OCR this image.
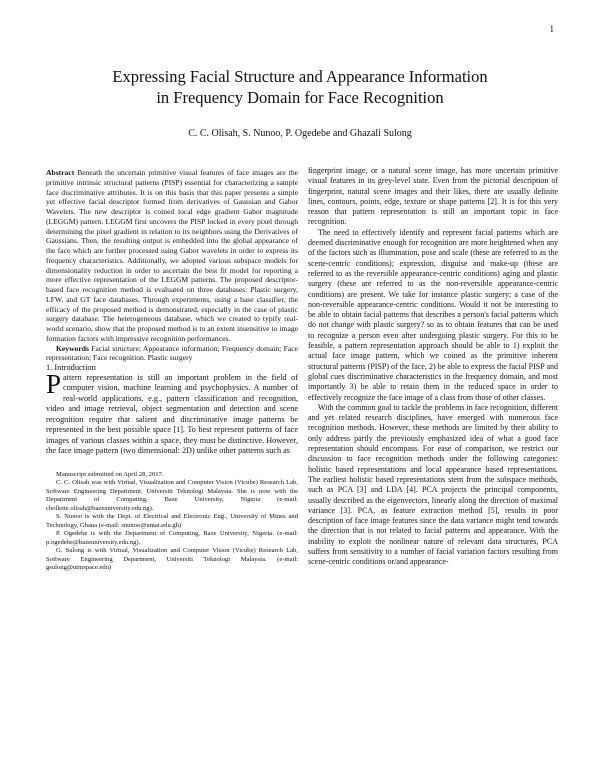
1
Expressing Facial Structure and Appearance Information
in Frequency Domain for Face Recognition
C. C. Olisah, S. Nunoo, P. Ogedebe and Ghazali Sulong

Abstract Beneath the uncertain primitive visual features of face images are the primitive intrinsic structural patterns (PISP) essential for characterizing a sample face discriminative attributes. It is on this basis that this paper presents a simple yet effective facial descriptor formed from derivatives of Gaussian and Gabor Wavelets. The new descriptor is coined local edge gradient Gabor magnitude (LEGGM) pattern. LEGGM first uncovers the PISP locked in every pixel through determining the pixel gradient in relation to its neighbors using the Derivatives of Gaussians. Then, the resulting output is embedded into the global appearance of the face which are further processed using Gabor wavelets in order to express its frequency characteristics. Additionally, we adopted various subspace models for dimensionality reduction in order to ascertain the best fit model for reporting a more effective representation of the LEGGM patterns. The proposed descriptor-based face recognition method is evaluated on three databases: Plastic surgery, LFW, and GT face databases. Through experiments, using a base classifier, the efficacy of the proposed method is demonstrated, especially in the case of plastic surgery database. The heterogeneous database, which we created to typify real-world scenario, show that the proposed method is to an extent insensitive to image formation factors with impressive recognition performances.

Keywords Facial structure; Appearance information; Frequency domain; Face representation; Face recognition. Plastic surgery

1. Introduction

Pattern representation is still an important problem in the field of computer vision, machine learning and psychophysics. A number of real-world applications, e.g., pattern classification and recognition, video and image retrieval, object segmentation and detection and scene recognition require that salient and discriminative image patterns be represented in the best possible space [1]. To best represent patterns of face images of various classes within a space, they must be distinctive. However, the face image pattern (two dimensional: 2D) unlike other patterns such as

Manuscript submitted on April 28, 2017.

C. C. Olisah was with Virtual, Visualization and Computer Vision (Vicube) Research Lab, Software Engineering Department, Universiti Teknologi Malaysia. She is now with the Department of Computing, Baze University, Nigeria (e-mail: chollette.olisah@bazeuniversity.edu.ng).

S. Nunoo is with the Dept. of Electrical and Electronic Eng., University of Mines and Technology, Ghana (e-mail: snunoo@umat.edu.gh)

P. Ogedebe is with the Department of Computing, Baze University, Nigeria. (e-mail: p.ogedebe@bazeuniversity.edu.ng).

G. Sulong is with Virtual, Visualization and Computer Vision (Vicube) Research Lab, Software Engineering Department, Universiti Teknologi Malaysia. (e-mail: gsulong@utmspace.edu)

fingerprint image, or a natural scene image, has more uncertain primitive visual features in its grey-level state. Even from the pictorial description of fingerprint, natural scene images and their likes, there are usually definite lines, contours, points, edge, texture or shape patterns [2]. It is for this very reason that pattern representation is still an important topic in face recognition.

The need to effectively identify and represent facial patterns which are deemed discriminative enough for recognition are more heightened when any of the factors such as illumination, pose and scale (these are referred to as the scene-centric conditions); expression, disguise and make-up (these are referred to as the reversible appearance-centric conditions) aging and plastic surgery (these are referred to as the non-reversible appearance-centric conditions) are present. We take for instance plastic surgery; a case of the non-reversible appearance-centric conditions. Would it not be interesting to be able to obtain facial patterns that describes a person's facial patterns which do not change with plastic surgery? so as to obtain features that can be used to recognize a person even after undergoing plastic surgery. For this to be feasible, a pattern representation approach should be able to 1) exploit the actual face image pattern, which we coined as the primitive inherent structural patterns (PISP) of the face, 2) be able to express the facial PISP and global cues discriminative characteristics in the frequency domain, and most importantly 3) be able to retain them in the reduced space in order to effectively recognize the face image of a class from those of other classes.

With the common goal to tackle the problems in face recognition, different and yet related research disciplines, have emerged with numerous face recognition methods. However, these methods are limited by their ability to only address partly the previously emphasized idea of what a good face representation should encompass. For ease of comparison, we restrict our discussion to face recognition methods under the following categories: holistic based representations and local appearance based representations. The earliest holistic based representations stem from the subspace methods, such as PCA [3] and LDA [4]. PCA projects the principal components, usually described as the eigenvectors, linearly along the direction of maximal variance [3]. PCA, as feature extraction method [5], results in poor description of face image features since the data variance might tend towards the direction that is not related to facial patterns and appearance. With the inability to exploit the nonlinear nature of relevant data structures, PCA suffers from sensitivity to a number of facial variation factors resulting from scene-centric conditions or/and appearance-
